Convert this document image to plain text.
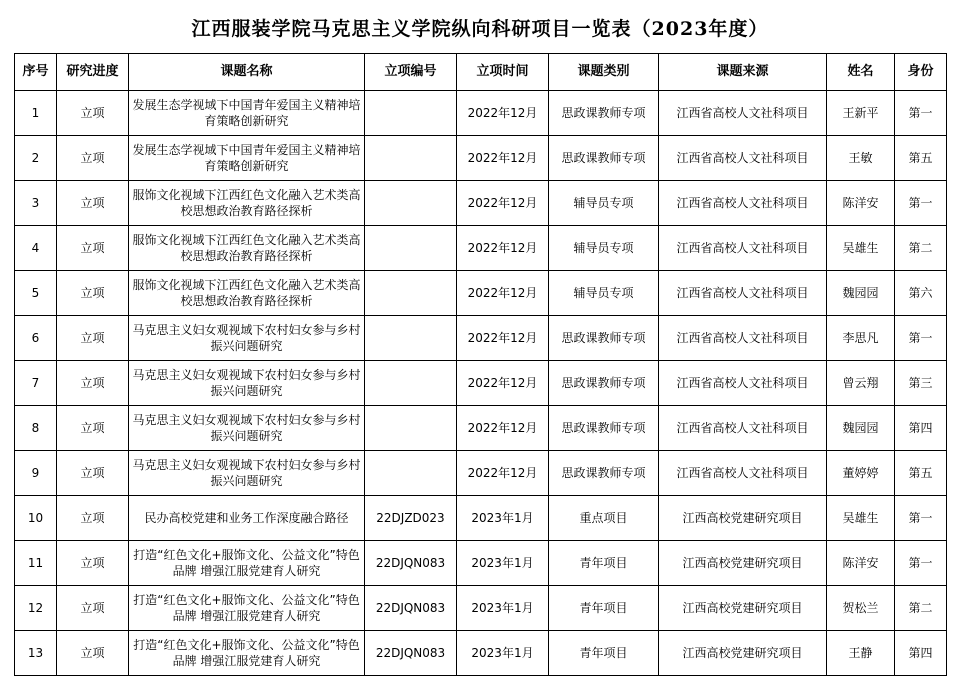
江西服装学院马克思主义学院纵向科研项目一览表（2023年度）
序号	研究进度	课题名称	立项编号	立项时间	课题类别	课题来源	姓名	身份
1	立项	发展生态学视域下中国青年爱国主义精神培育策略创新研究		2022年12月	思政课教师专项	江西省高校人文社科项目	王新平	第一
2	立项	发展生态学视域下中国青年爱国主义精神培育策略创新研究		2022年12月	思政课教师专项	江西省高校人文社科项目	王敏	第五
3	立项	服饰文化视域下江西红色文化融入艺术类高校思想政治教育路径探析		2022年12月	辅导员专项	江西省高校人文社科项目	陈洋安	第一
4	立项	服饰文化视域下江西红色文化融入艺术类高校思想政治教育路径探析		2022年12月	辅导员专项	江西省高校人文社科项目	吴雄生	第二
5	立项	服饰文化视域下江西红色文化融入艺术类高校思想政治教育路径探析		2022年12月	辅导员专项	江西省高校人文社科项目	魏园园	第六
6	立项	马克思主义妇女观视域下农村妇女参与乡村振兴问题研究		2022年12月	思政课教师专项	江西省高校人文社科项目	李思凡	第一
7	立项	马克思主义妇女观视域下农村妇女参与乡村振兴问题研究		2022年12月	思政课教师专项	江西省高校人文社科项目	曾云翔	第三
8	立项	马克思主义妇女观视域下农村妇女参与乡村振兴问题研究		2022年12月	思政课教师专项	江西省高校人文社科项目	魏园园	第四
9	立项	马克思主义妇女观视域下农村妇女参与乡村振兴问题研究		2022年12月	思政课教师专项	江西省高校人文社科项目	董婷婷	第五
10	立项	民办高校党建和业务工作深度融合路径	22DJZD023	2023年1月	重点项目	江西高校党建研究项目	吴雄生	第一
11	立项	打造“红色文化+服饰文化、公益文化”特色品牌 增强江服党建育人研究	22DJQN083	2023年1月	青年项目	江西高校党建研究项目	陈洋安	第一
12	立项	打造“红色文化+服饰文化、公益文化”特色品牌 增强江服党建育人研究	22DJQN083	2023年1月	青年项目	江西高校党建研究项目	贺松兰	第二
13	立项	打造“红色文化+服饰文化、公益文化”特色品牌 增强江服党建育人研究	22DJQN083	2023年1月	青年项目	江西高校党建研究项目	王静	第四
